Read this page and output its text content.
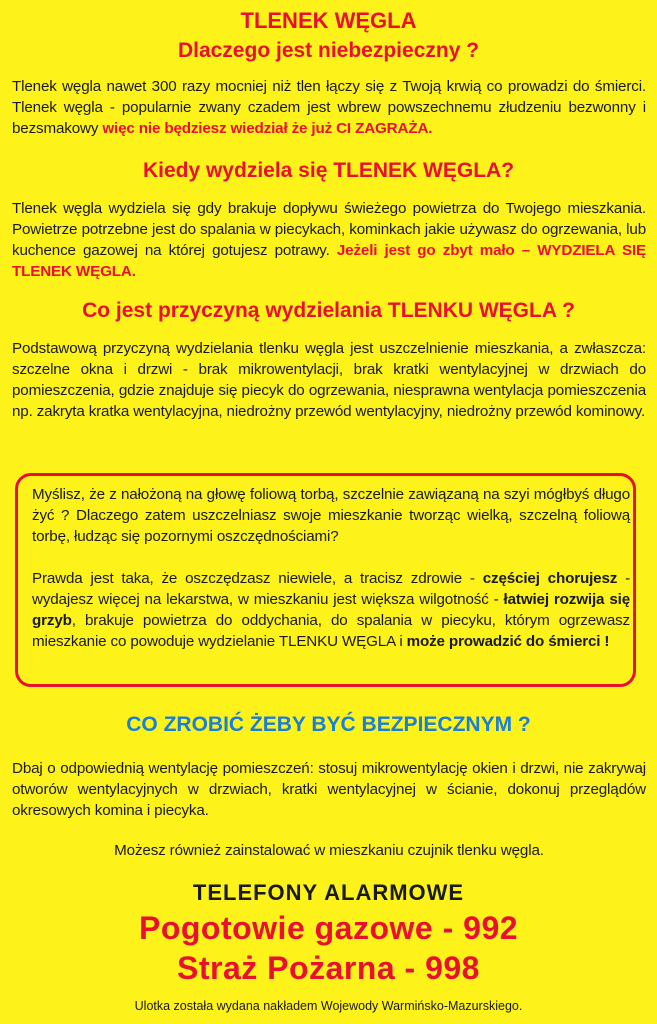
TLENEK WĘGLA
Dlaczego jest niebezpieczny ?
Tlenek węgla nawet 300 razy mocniej niż tlen łączy się z Twoją krwią co prowadzi do śmierci. Tlenek węgla - popularnie zwany czadem jest wbrew powszechnemu złudzeniu bezwonny i bezsmakowy więc nie będziesz wiedział że już CI ZAGRAŻA.
Kiedy wydziela się TLENEK WĘGLA?
Tlenek węgla wydziela się gdy brakuje dopływu świeżego powietrza do Twojego mieszkania. Powietrze potrzebne jest do spalania w piecykach, kominkach jakie używasz do ogrzewania, lub kuchence gazowej na której gotujesz potrawy. Jeżeli jest go zbyt mało – WYDZIELA SIĘ TLENEK WĘGLA.
Co jest przyczyną wydzielania TLENKU WĘGLA ?
Podstawową przyczyną wydzielania tlenku węgla jest uszczelnienie mieszkania, a zwłaszcza: szczelne okna i drzwi - brak mikrowentylacji, brak kratki wentylacyjnej w drzwiach do pomieszczenia, gdzie znajduje się piecyk do ogrzewania, niesprawna wentylacja pomieszczenia np. zakryta kratka wentylacyjna, niedrożny przewód wentylacyjny, niedrożny przewód kominowy.
Myślisz, że z nałożoną na głowę foliową torbą, szczelnie zawiązaną na szyi mógłbyś długo żyć ? Dlaczego zatem uszczelniasz swoje mieszkanie tworząc wielką, szczelną foliową torbę, łudząc się pozornymi oszczędnościami?
Prawda jest taka, że oszczędzasz niewiele, a tracisz zdrowie - częściej chorujesz - wydajesz więcej na lekarstwa, w mieszkaniu jest większa wilgotność - łatwiej rozwija się grzyb, brakuje powietrza do oddychania, do spalania w piecyku, którym ogrzewasz mieszkanie co powoduje wydzielanie TLENKU WĘGLA i może prowadzić do śmierci !
CO ZROBIĆ ŻEBY BYĆ BEZPIECZNYM ?
Dbaj o odpowiednią wentylację pomieszczeń: stosuj mikrowentylację okien i drzwi, nie zakrywaj otworów wentylacyjnych w drzwiach, kratki wentylacyjnej w ścianie, dokonuj przeglądów okresowych komina i piecyka.
Możesz również zainstalować w mieszkaniu czujnik tlenku węgla.
TELEFONY ALARMOWE
Pogotowie gazowe - 992
Straż Pożarna - 998
Ulotka została wydana nakładem Wojewody Warmińsko-Mazurskiego.
